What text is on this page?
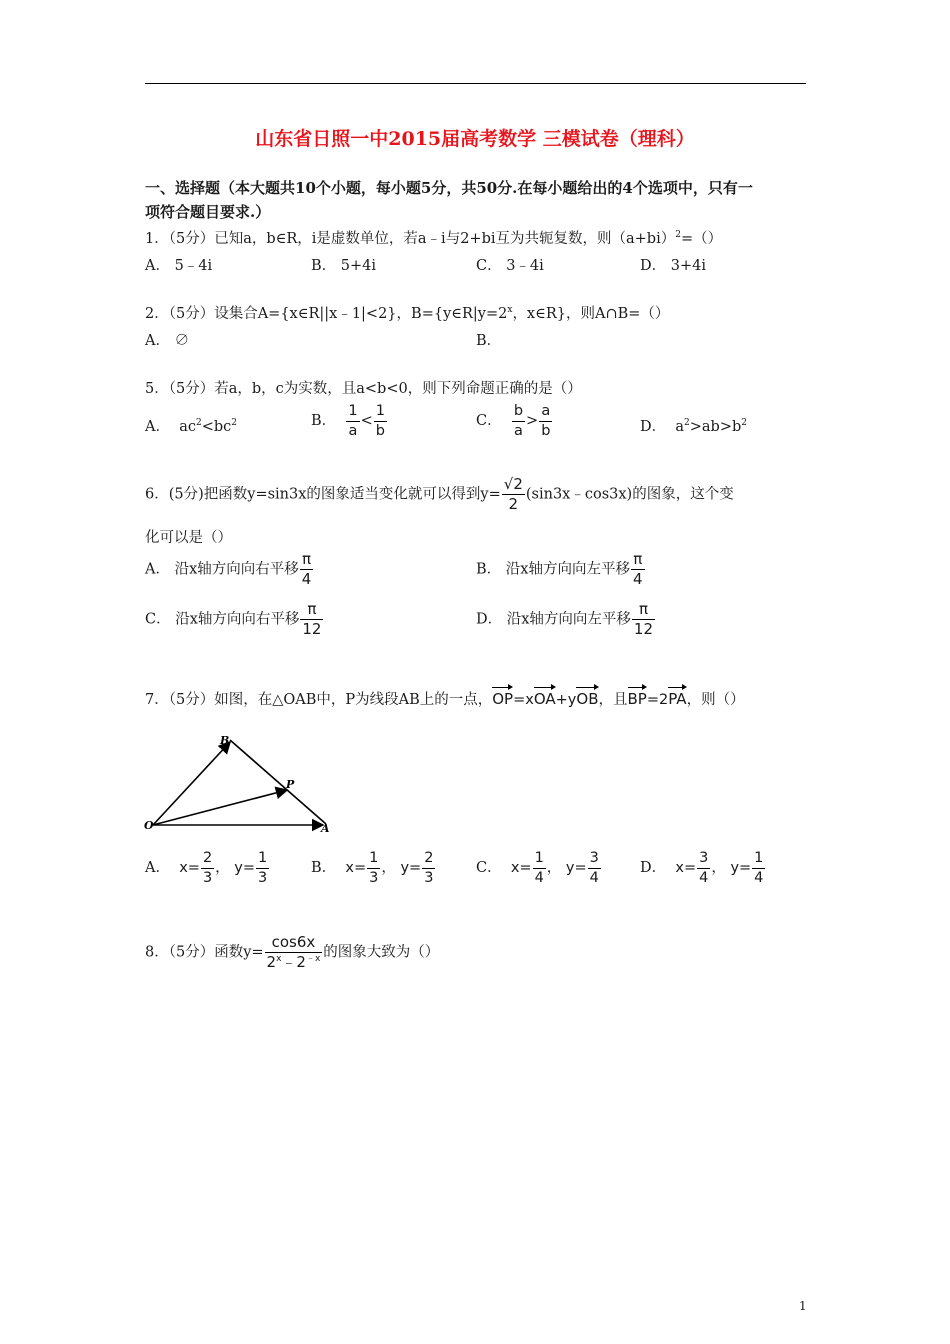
山东省日照一中2015届高考数学 三模试卷（理科）
一、选择题（本大题共10个小题，每小题5分，共50分.在每小题给出的4个选项中，只有一
项符合题目要求.）
1．（5分）已知a，b∈R，i是虚数单位，若a﹣i与2+bi互为共轭复数，则$(a+bi)^2=()$
A． 5﹣4i	B． 5+4i	C． 3﹣4i	D． 3+4i
2．（5分）设集合A={x∈R||x﹣1|<2}，$B=\{y\in R|y=2^x$，x∈R}，则A∩B=（）
A． ∅	B．
5．（5分）若a，b，c为实数，且a<b<0，则下列命题正确的是（）
A． $ac^2<bc^2$	B． $\frac{1}{a} < \frac{1}{b}$	C． $\frac{b}{a} > \frac{a}{b}$	D． $a^2>ab>b^2$
6．(5分)把函数y=sin3x的图象适当变化就可以得到$y= \frac{√2}{2}$ (sin3x﹣cos3x)的图象，这个变
化可以是（）
A． 沿x轴方向向右平移 $\frac{\pi}{4}$	B． 沿x轴方向向左平移 $\frac{\pi}{4}$
C． 沿x轴方向向右平移 $\frac{\pi}{12}$	D． 沿x轴方向向左平移 $\frac{\pi}{12}$
7．（5分）如图，在△OAB中，P为线段AB上的一点，OP=xOA+yOB，且BP=2PA，则（）
B
P
O	A
A． $x= \frac{2}{3}$ ， $y= \frac{1}{3}$	B． $x= \frac{1}{3}$ ， $y= \frac{2}{3}$	C． $x= \frac{1}{4}$ ， $y= \frac{3}{4}$	D． $x= \frac{3}{4}$ ， $y= \frac{1}{4}$
8．（5分）函数$y= \frac{\cos 6x}{2^x﹣2^{﹣x}}$ 的图象大致为（）
1
